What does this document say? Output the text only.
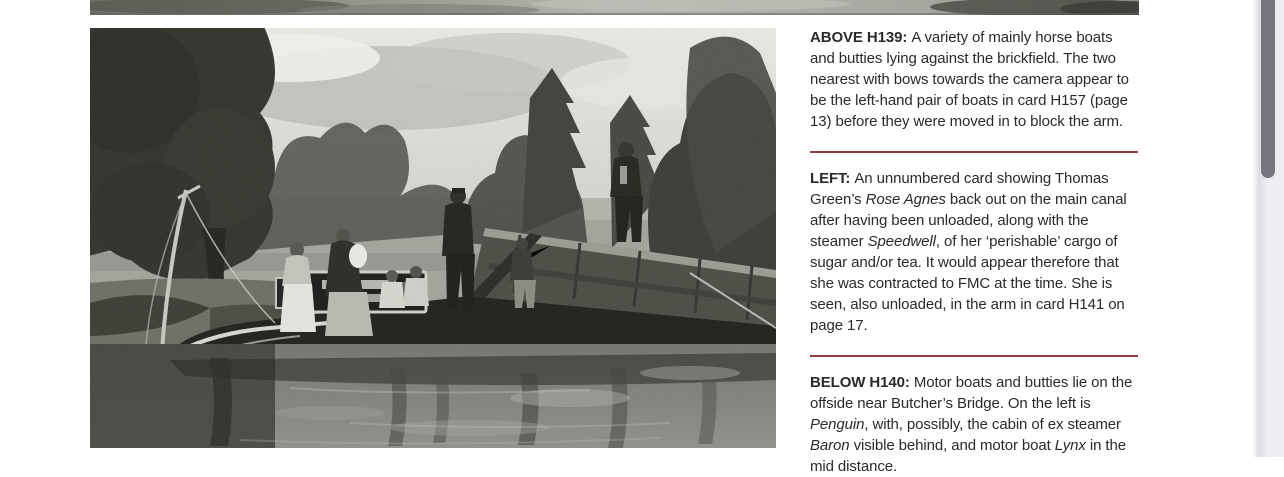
ABOVE H139: A variety of mainly horse boats and butties lying against the brickfield. The two nearest with bows towards the camera appear to be the left-hand pair of boats in card H157 (page 13) before they were moved in to block the arm.

LEFT: An unnumbered card showing Thomas Green’s Rose Agnes back out on the main canal after having been unloaded, along with the steamer Speedwell, of her ‘perishable’ cargo of sugar and/or tea. It would appear therefore that she was contracted to FMC at the time. She is seen, also unloaded, in the arm in card H141 on page 17.

BELOW H140: Motor boats and butties lie on the offside near Butcher’s Bridge. On the left is Penguin, with, possibly, the cabin of ex steamer Baron visible behind, and motor boat Lynx in the mid distance.
